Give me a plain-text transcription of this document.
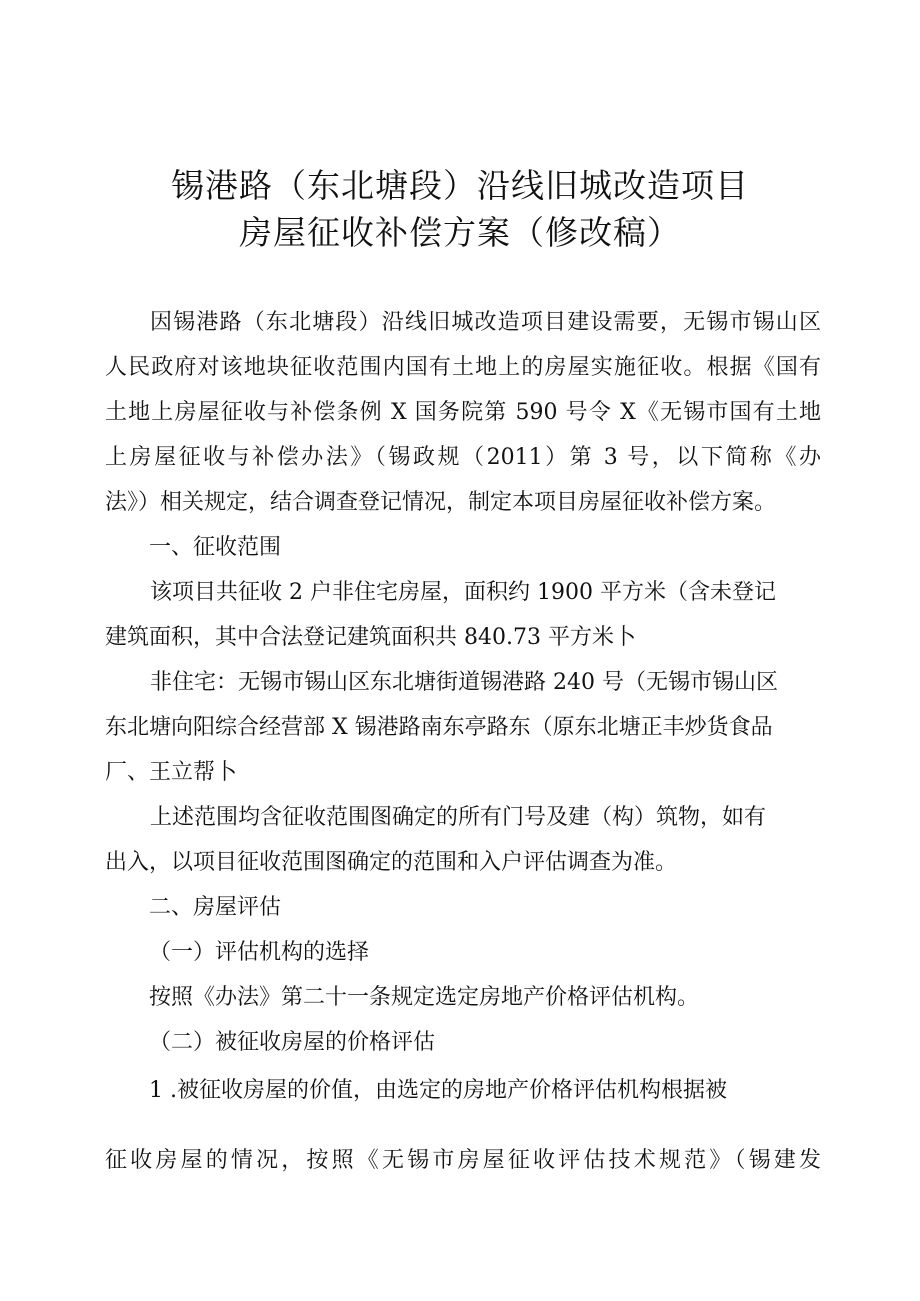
锡港路（东北塘段）沿线旧城改造项目
房屋征收补偿方案（修改稿）
因锡港路（东北塘段）沿线旧城改造项目建设需要，无锡市锡山区
人民政府对该地块征收范围内国有土地上的房屋实施征收。根据《国有
土地上房屋征收与补偿条例 X 国务院第 590 号令 X《无锡市国有土地
上房屋征收与补偿办法》（锡政规（2011）第 3 号，以下简称《办
法》）相关规定，结合调查登记情况，制定本项目房屋征收补偿方案。
一、征收范围
该项目共征收 2 户非住宅房屋，面积约 1900 平方米（含未登记
建筑面积，其中合法登记建筑面积共 840.73 平方米卜
非住宅：无锡市锡山区东北塘街道锡港路 240 号（无锡市锡山区
东北塘向阳综合经营部 X 锡港路南东亭路东（原东北塘正丰炒货食品
厂、王立帮卜
上述范围均含征收范围图确定的所有门号及建（构）筑物，如有
出入，以项目征收范围图确定的范围和入户评估调查为准。
二、房屋评估
（一）评估机构的选择
按照《办法》第二十一条规定选定房地产价格评估机构。
（二）被征收房屋的价格评估
1 .被征收房屋的价值，由选定的房地产价格评估机构根据被
征收房屋的情况，按照《无锡市房屋征收评估技术规范》（锡建发
